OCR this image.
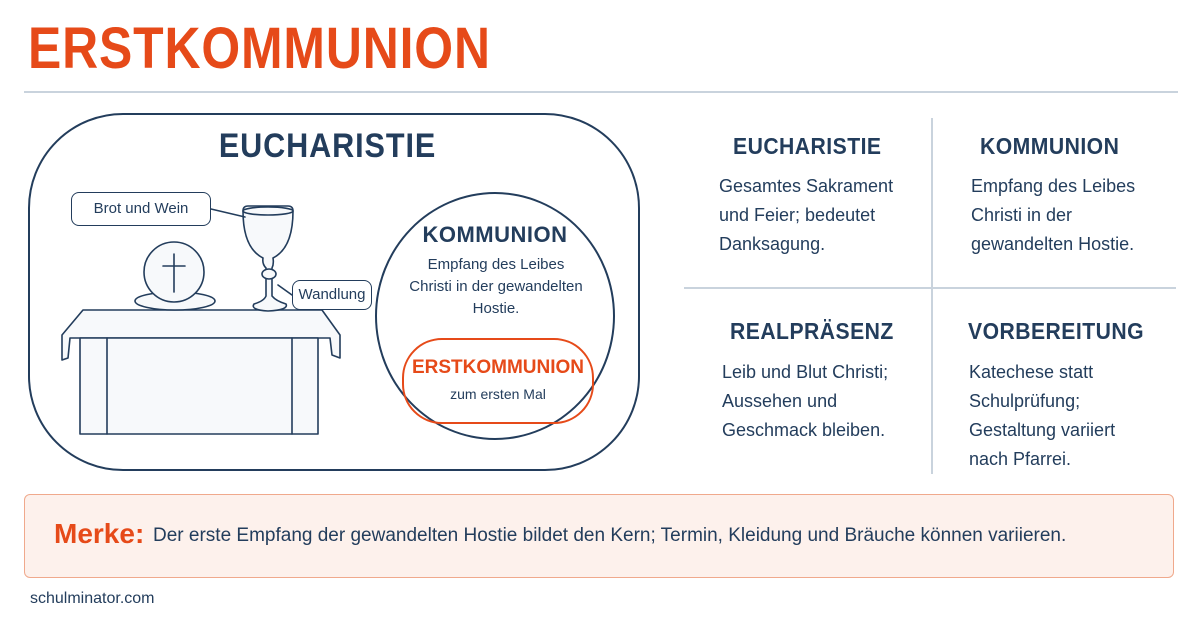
ERSTKOMMUNION
EUCHARISTIE
Brot und Wein
Wandlung
KOMMUNION
Empfang des Leibes Christi in der gewandelten Hostie.
ERSTKOMMUNION
zum ersten Mal
EUCHARISTIE
Gesamtes Sakrament
und Feier; bedeutet
Danksagung.
KOMMUNION
Empfang des Leibes
Christi in der
gewandelten Hostie.
REALPRÄSENZ
Leib und Blut Christi;
Aussehen und
Geschmack bleiben.
VORBEREITUNG
Katechese statt
Schulprüfung;
Gestaltung variiert
nach Pfarrei.
Merke: Der erste Empfang der gewandelten Hostie bildet den Kern; Termin, Kleidung und Bräuche können variieren.
schulminator.com
